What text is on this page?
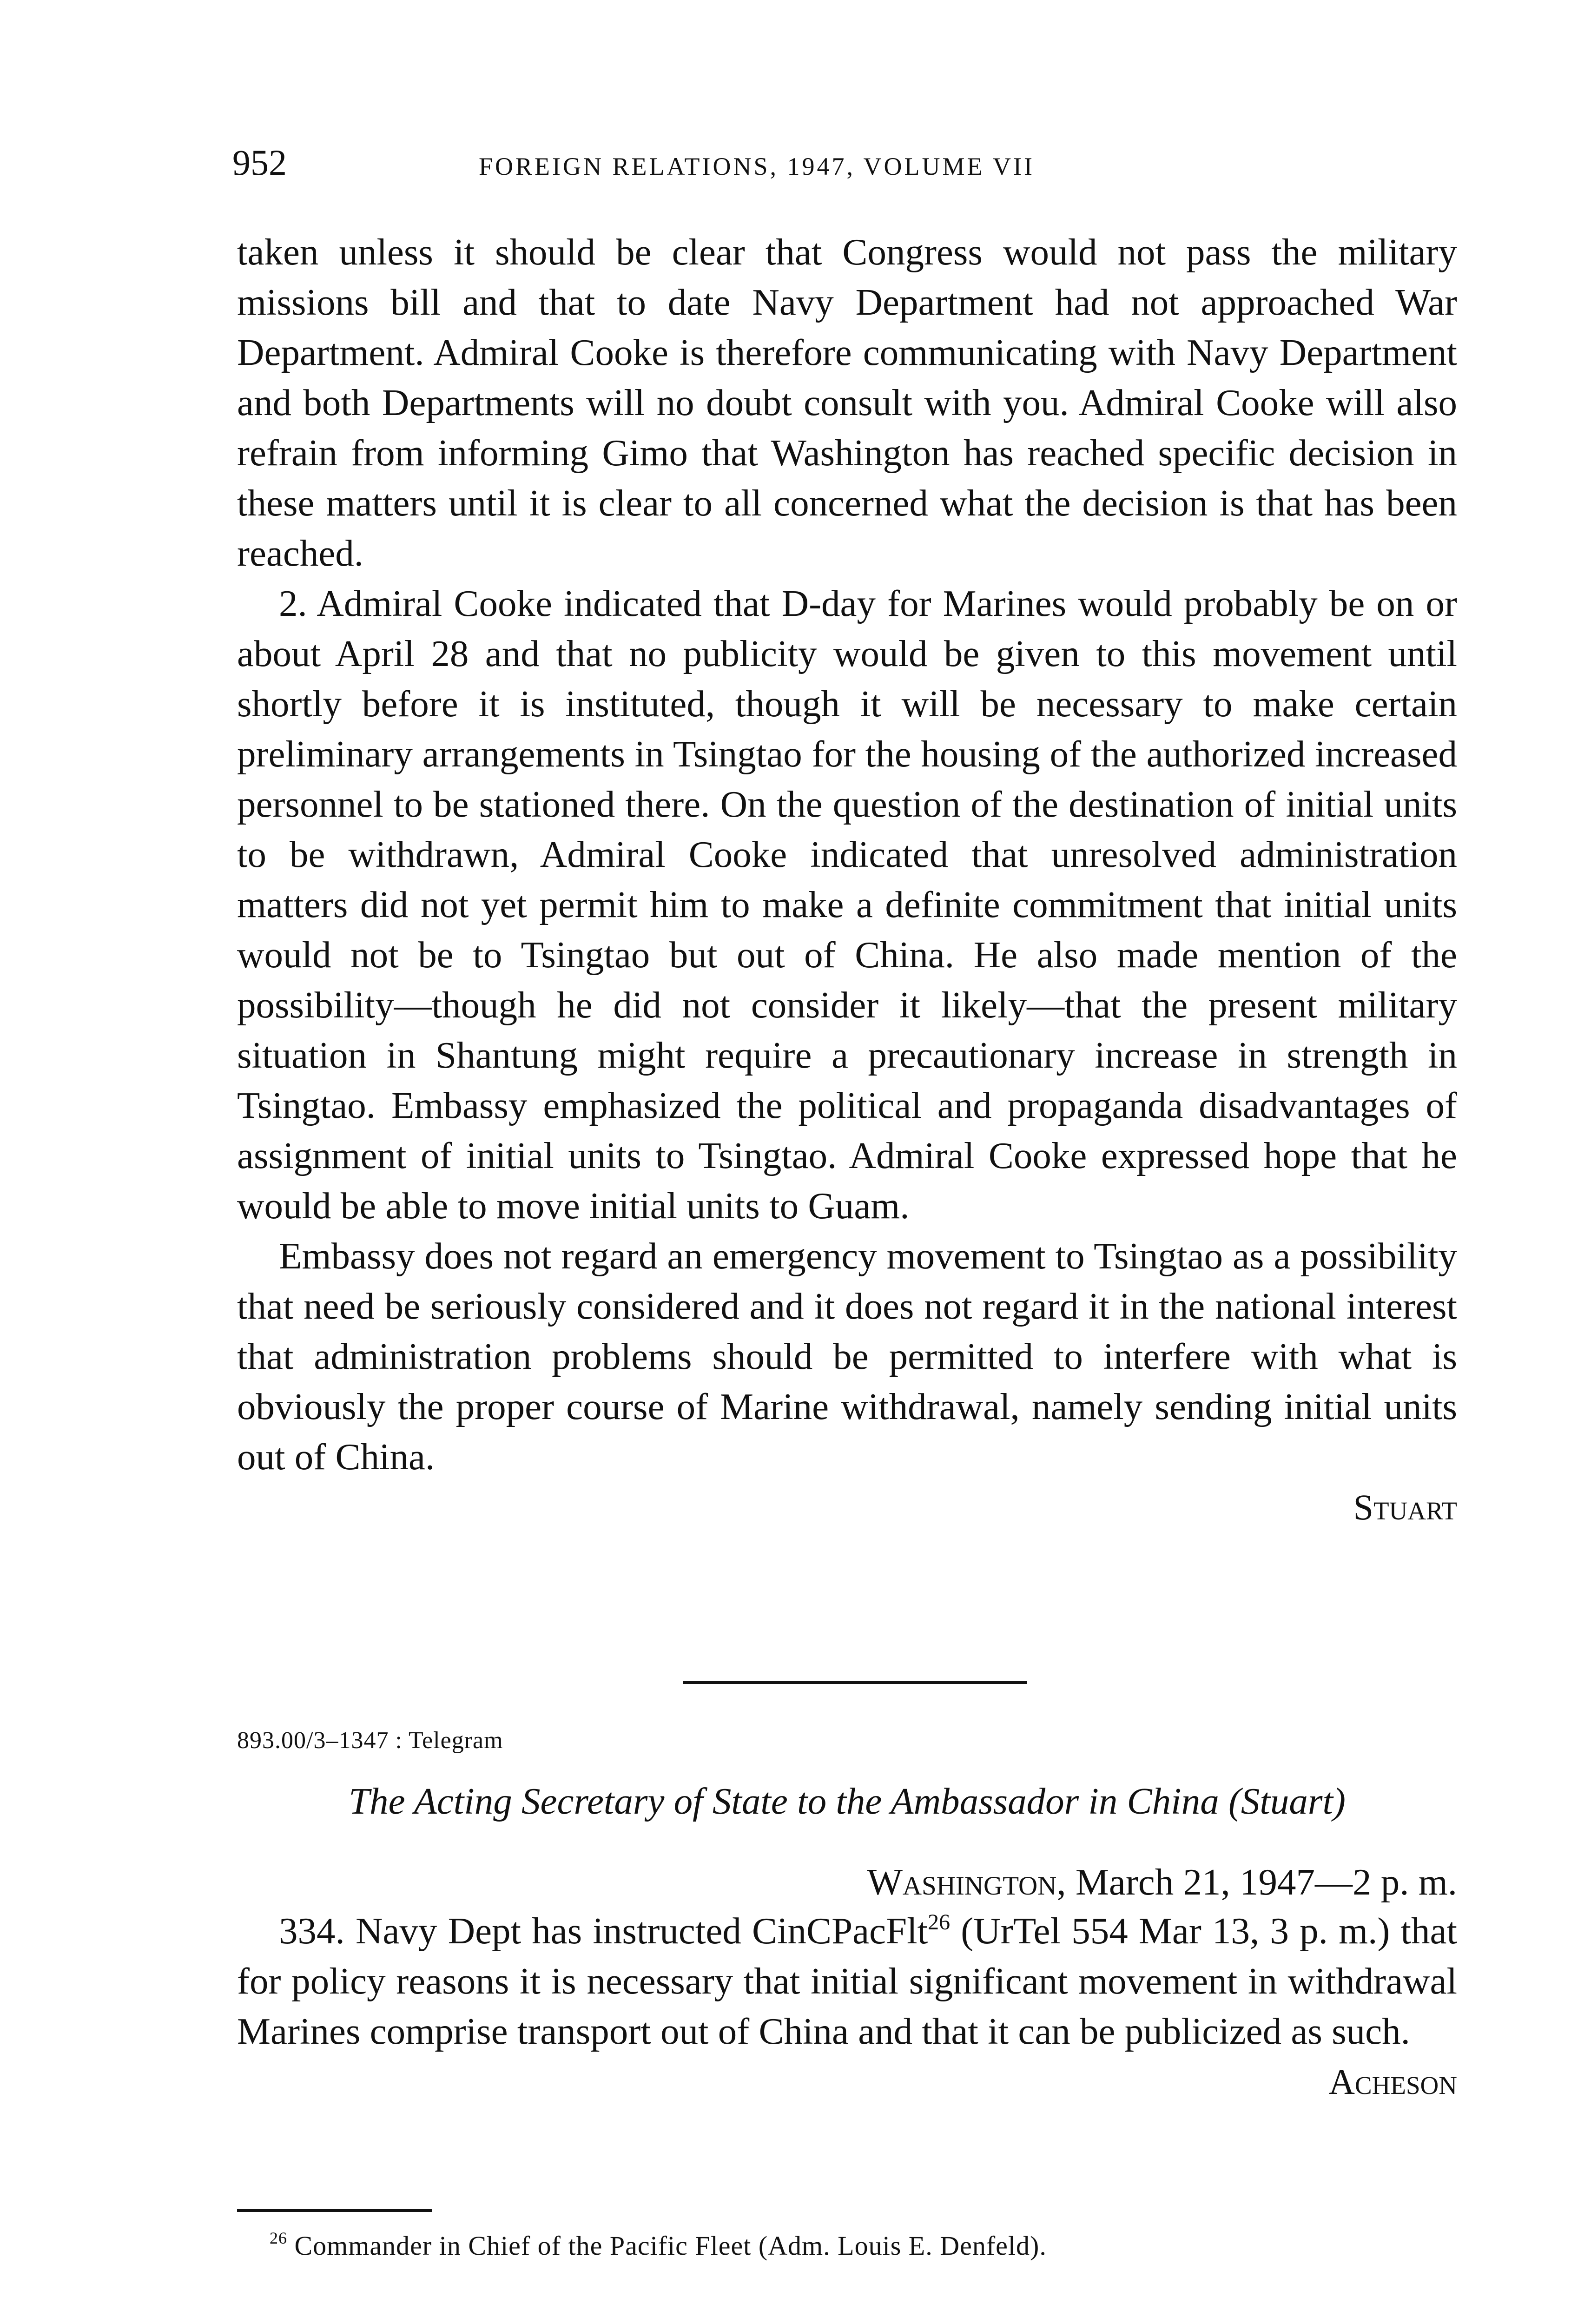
952	FOREIGN RELATIONS, 1947, VOLUME VII

taken unless it should be clear that Congress would not pass the military missions bill and that to date Navy Department had not approached War Department. Admiral Cooke is therefore communicating with Navy Department and both Departments will no doubt consult with you. Admiral Cooke will also refrain from informing Gimo that Washington has reached specific decision in these matters until it is clear to all concerned what the decision is that has been reached.

2. Admiral Cooke indicated that D-day for Marines would probably be on or about April 28 and that no publicity would be given to this movement until shortly before it is instituted, though it will be necessary to make certain preliminary arrangements in Tsingtao for the housing of the authorized increased personnel to be stationed there. On the question of the destination of initial units to be withdrawn, Admiral Cooke indicated that unresolved administration matters did not yet permit him to make a definite commitment that initial units would not be to Tsingtao but out of China. He also made mention of the possibility—though he did not consider it likely—that the present military situation in Shantung might require a precautionary increase in strength in Tsingtao. Embassy emphasized the political and propaganda disadvantages of assignment of initial units to Tsingtao. Admiral Cooke expressed hope that he would be able to move initial units to Guam.

Embassy does not regard an emergency movement to Tsingtao as a possibility that need be seriously considered and it does not regard it in the national interest that administration problems should be permitted to interfere with what is obviously the proper course of Marine withdrawal, namely sending initial units out of China.

Stuart
893.00/3–1347 : Telegram
The Acting Secretary of State to the Ambassador in China (Stuart)
Washington, March 21, 1947—2 p. m.

334. Navy Dept has instructed CinCPacFlt$^{26}$ (UrTel 554 Mar 13, 3 p. m.) that for policy reasons it is necessary that initial significant movement in withdrawal Marines comprise transport out of China and that it can be publicized as such.

Acheson
$^{26}$ Commander in Chief of the Pacific Fleet (Adm. Louis E. Denfeld).
